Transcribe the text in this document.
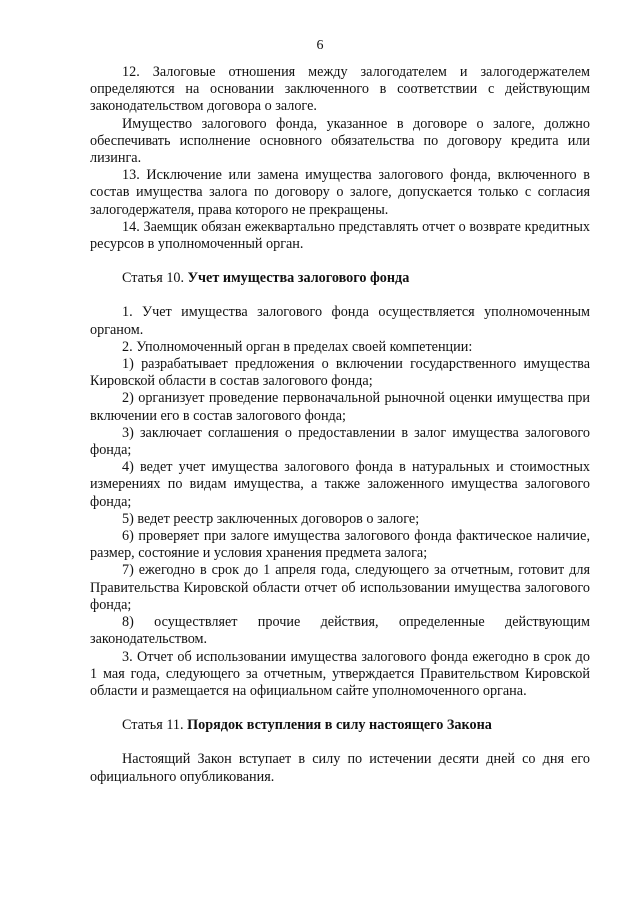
6

12. Залоговые отношения между залогодателем и залогодержателем определяются на основании заключенного в соответствии с действующим законодательством договора о залоге.

Имущество залогового фонда, указанное в договоре о залоге, должно обеспечивать исполнение основного обязательства по договору кредита или лизинга.

13. Исключение или замена имущества залогового фонда, включенного в состав имущества залога по договору о залоге, допускается только с согласия залогодержателя, права которого не прекращены.

14. Заемщик обязан ежеквартально представлять отчет о возврате кредитных ресурсов в уполномоченный орган.

Статья 10. Учет имущества залогового фонда

1. Учет имущества залогового фонда осуществляется уполномоченным органом.

2. Уполномоченный орган в пределах своей компетенции:

1) разрабатывает предложения о включении государственного имущества Кировской области в состав залогового фонда;

2) организует проведение первоначальной рыночной оценки имущества при включении его в состав залогового фонда;

3) заключает соглашения о предоставлении в залог имущества залогового фонда;

4) ведет учет имущества залогового фонда в натуральных и стоимостных измерениях по видам имущества, а также заложенного имущества залогового фонда;

5) ведет реестр заключенных договоров о залоге;

6) проверяет при залоге имущества залогового фонда фактическое наличие, размер, состояние и условия хранения предмета залога;

7) ежегодно в срок до 1 апреля года, следующего за отчетным, готовит для Правительства Кировской области отчет об использовании имущества залогового фонда;

8) осуществляет прочие действия, определенные действующим законодательством.

3. Отчет об использовании имущества залогового фонда ежегодно в срок до 1 мая года, следующего за отчетным, утверждается Правительством Кировской области и размещается на официальном сайте уполномоченного органа.

Статья 11. Порядок вступления в силу настоящего Закона

Настоящий Закон вступает в силу по истечении десяти дней со дня его официального опубликования.
